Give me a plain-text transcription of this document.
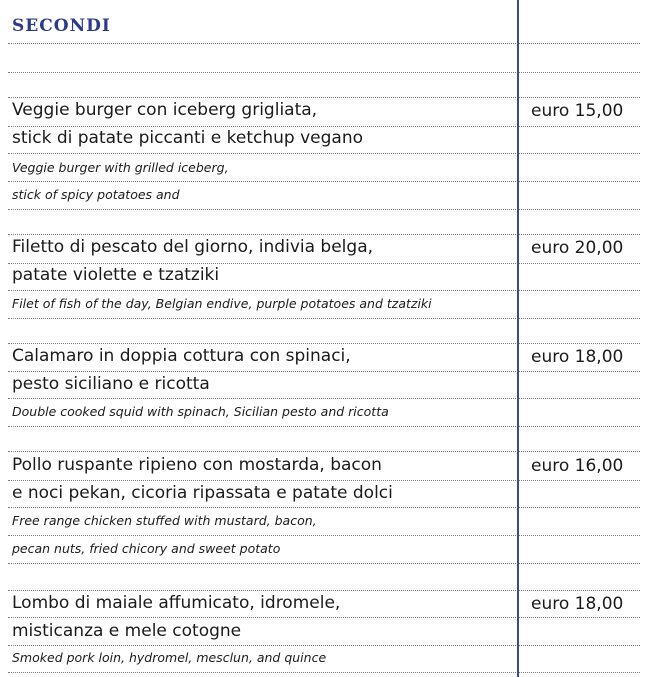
SECONDI
Veggie burger con iceberg grigliata,
stick di patate piccanti e ketchup vegano
Veggie burger with grilled iceberg,
stick of spicy potatoes and
euro 15,00
Filetto di pescato del giorno, indivia belga,
patate violette e tzatziki
Filet of fish of the day, Belgian endive, purple potatoes and tzatziki
euro 20,00
Calamaro in doppia cottura con spinaci,
pesto siciliano e ricotta
Double cooked squid with spinach, Sicilian pesto and ricotta
euro 18,00
Pollo ruspante ripieno con mostarda, bacon
e noci pekan, cicoria ripassata e patate dolci
Free range chicken stuffed with mustard, bacon,
pecan nuts, fried chicory and sweet potato
euro 16,00
Lombo di maiale affumicato, idromele,
misticanza e mele cotogne
Smoked pork loin, hydromel, mesclun, and quince
euro 18,00
